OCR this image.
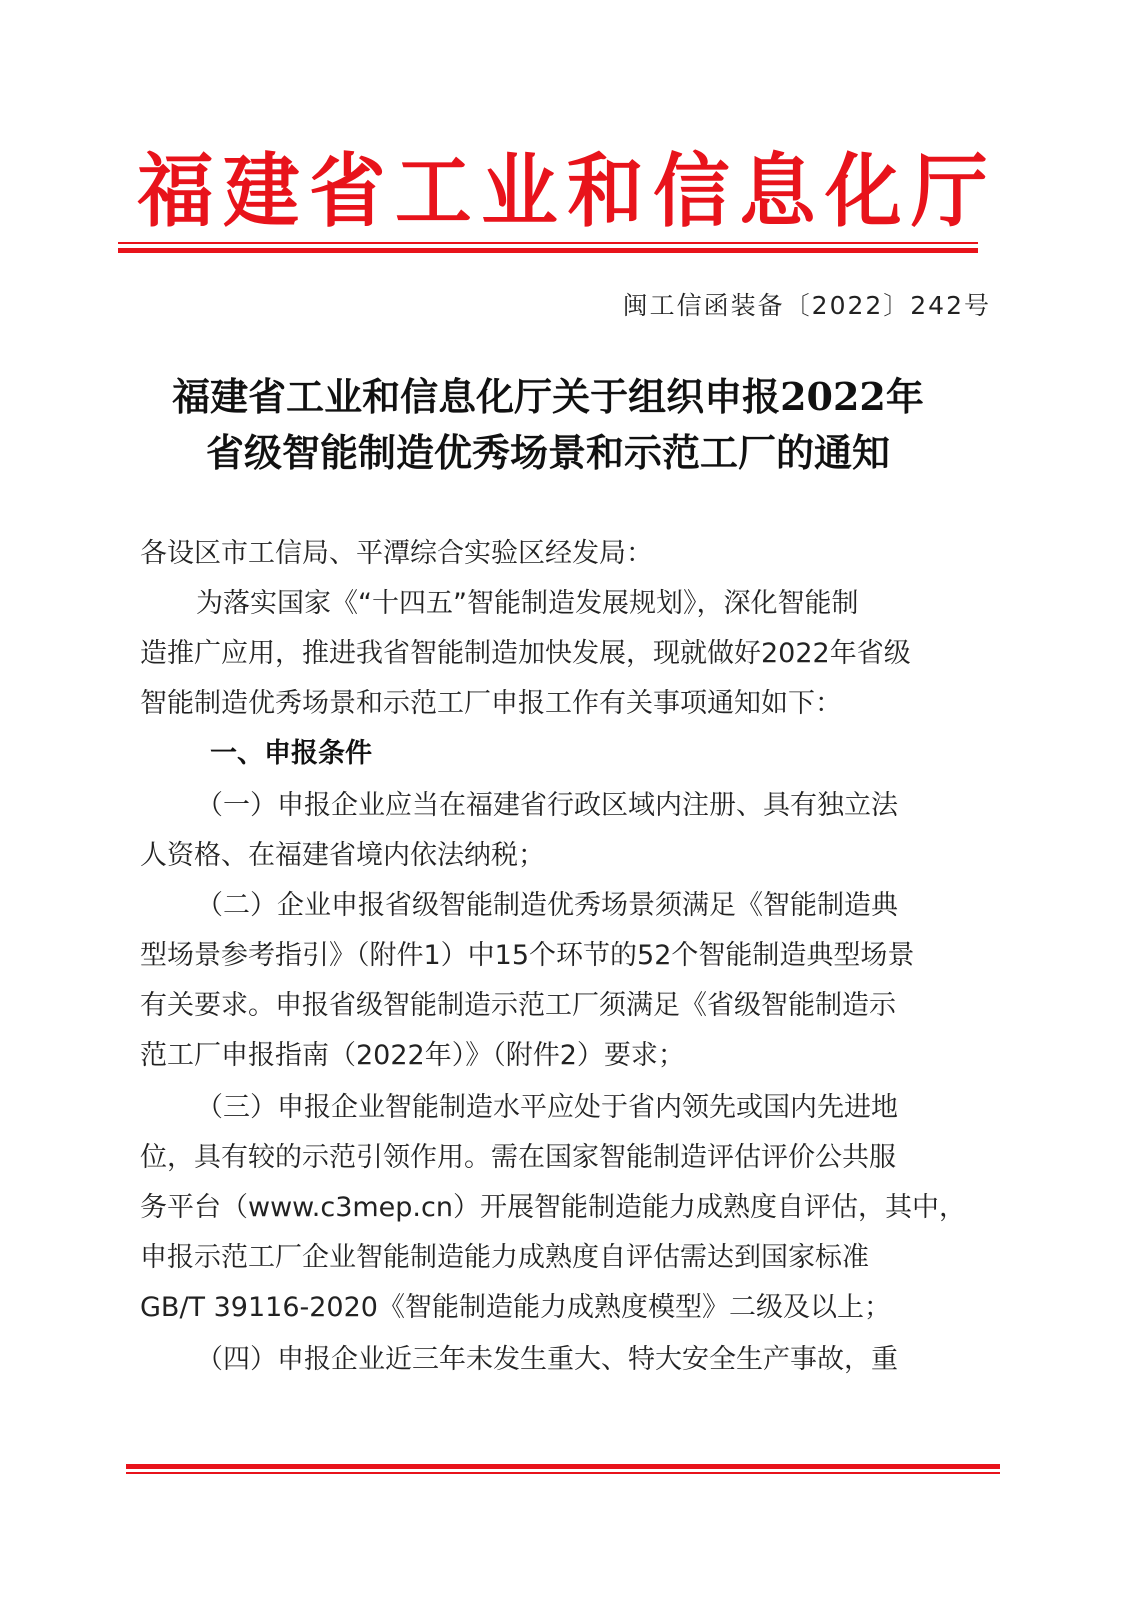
福建省工业和信息化厅
闽工信函装备〔2022〕242号
福建省工业和信息化厅关于组织申报2022年
省级智能制造优秀场景和示范工厂的通知
各设区市工信局、平潭综合实验区经发局：
为落实国家《“十四五”智能制造发展规划》，深化智能制
造推广应用，推进我省智能制造加快发展，现就做好2022年省级
智能制造优秀场景和示范工厂申报工作有关事项通知如下：
一、申报条件
（一）申报企业应当在福建省行政区域内注册、具有独立法
人资格、在福建省境内依法纳税；
（二）企业申报省级智能制造优秀场景须满足《智能制造典
型场景参考指引》（附件1）中15个环节的52个智能制造典型场景
有关要求。申报省级智能制造示范工厂须满足《省级智能制造示
范工厂申报指南（2022年）》（附件2）要求；
（三）申报企业智能制造水平应处于省内领先或国内先进地
位，具有较的示范引领作用。需在国家智能制造评估评价公共服
务平台（www.c3mep.cn）开展智能制造能力成熟度自评估，其中，
申报示范工厂企业智能制造能力成熟度自评估需达到国家标准
GB/T 39116-2020《智能制造能力成熟度模型》二级及以上；
（四）申报企业近三年未发生重大、特大安全生产事故，重
